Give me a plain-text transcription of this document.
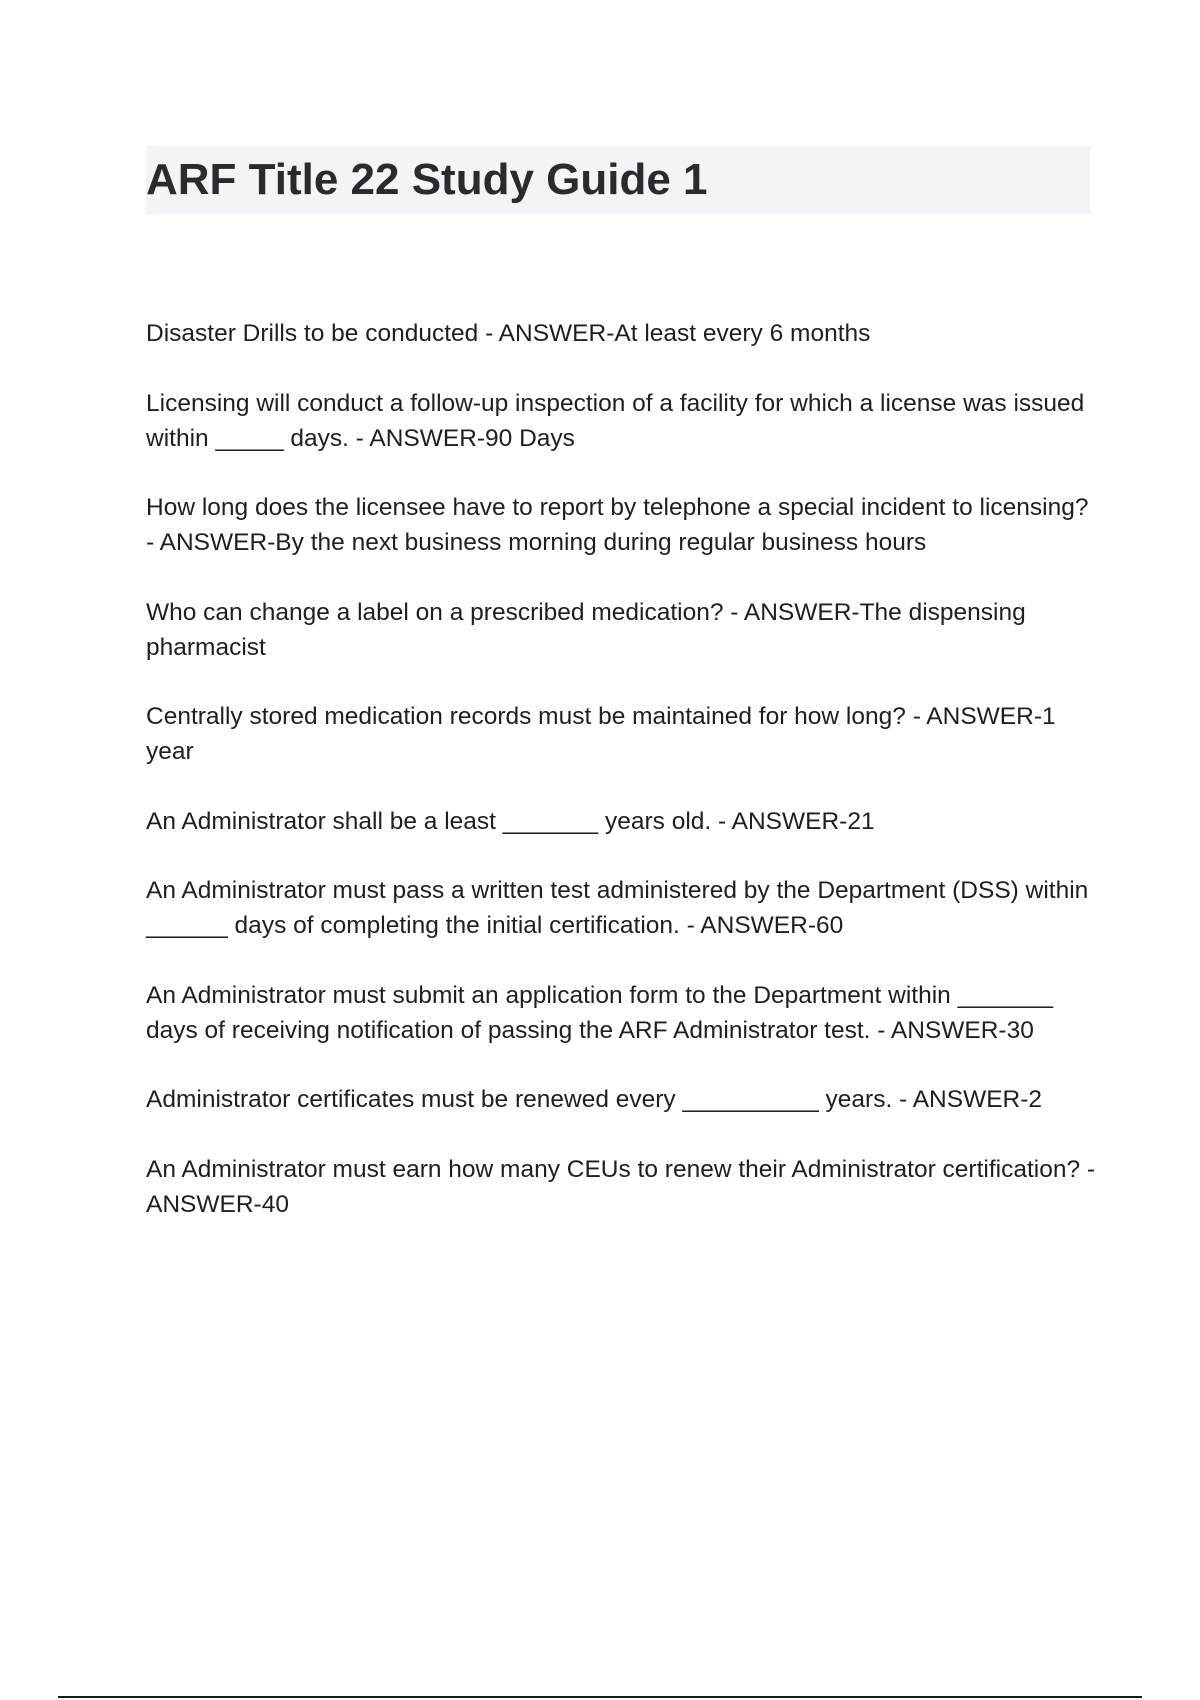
ARF Title 22 Study Guide 1

Disaster Drills to be conducted - ANSWER-At least every 6 months

Licensing will conduct a follow-up inspection of a facility for which a license was issued within _____ days. - ANSWER-90 Days

How long does the licensee have to report by telephone a special incident to licensing? - ANSWER-By the next business morning during regular business hours

Who can change a label on a prescribed medication? - ANSWER-The dispensing pharmacist

Centrally stored medication records must be maintained for how long? - ANSWER-1 year

An Administrator shall be a least _______ years old. - ANSWER-21

An Administrator must pass a written test administered by the Department (DSS) within ______ days of completing the initial certification. - ANSWER-60

An Administrator must submit an application form to the Department within _______ days of receiving notification of passing the ARF Administrator test. - ANSWER-30

Administrator certificates must be renewed every __________ years. - ANSWER-2

An Administrator must earn how many CEUs to renew their Administrator certification? - ANSWER-40
